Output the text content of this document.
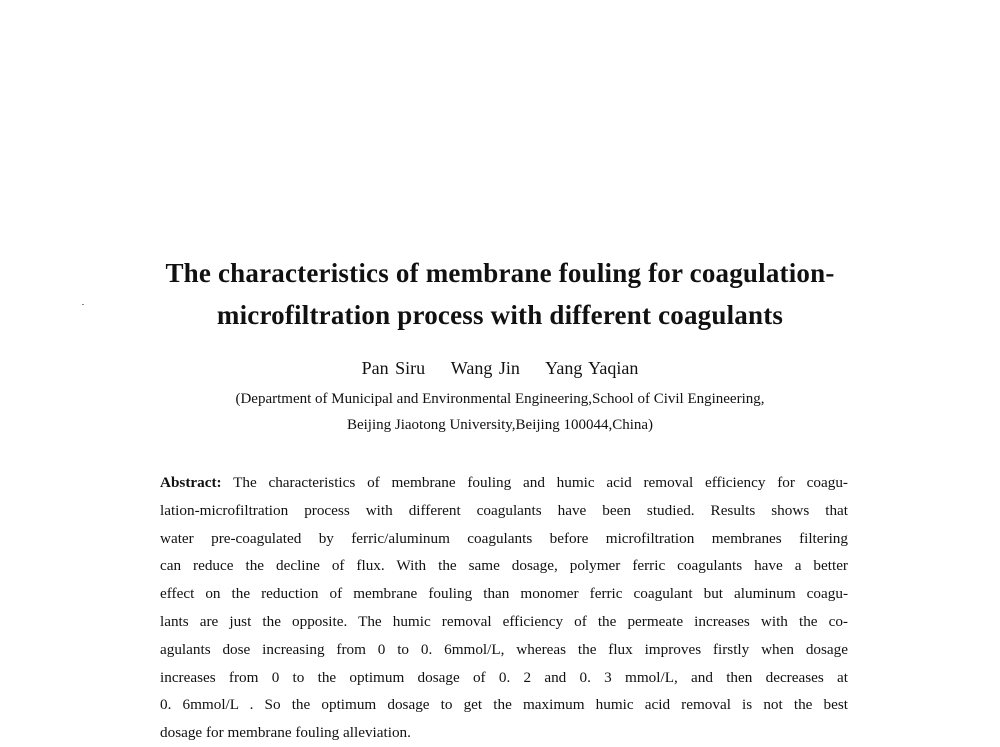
The characteristics of membrane fouling for coagulation-
microfiltration process with different coagulants
Pan Siru    Wang Jin    Yang Yaqian
(Department of Municipal and Environmental Engineering,School of Civil Engineering,
Beijing Jiaotong University,Beijing 100044,China)
Abstract: The characteristics of membrane fouling and humic acid removal efficiency for coagu-
lation-microfiltration process with different coagulants have been studied. Results shows that
water pre-coagulated by ferric/aluminum coagulants before microfiltration membranes filtering
can reduce the decline of flux. With the same dosage, polymer ferric coagulants have a better
effect on the reduction of membrane fouling than monomer ferric coagulant but aluminum coagu-
lants are just the opposite. The humic removal efficiency of the permeate increases with the co-
agulants dose increasing from 0 to 0. 6mmol/L, whereas the flux improves firstly when dosage
increases from 0 to the optimum dosage of 0. 2 and 0. 3 mmol/L, and then decreases at
0. 6mmol/L . So the optimum dosage to get the maximum humic acid removal is not the best
dosage for membrane fouling alleviation.
